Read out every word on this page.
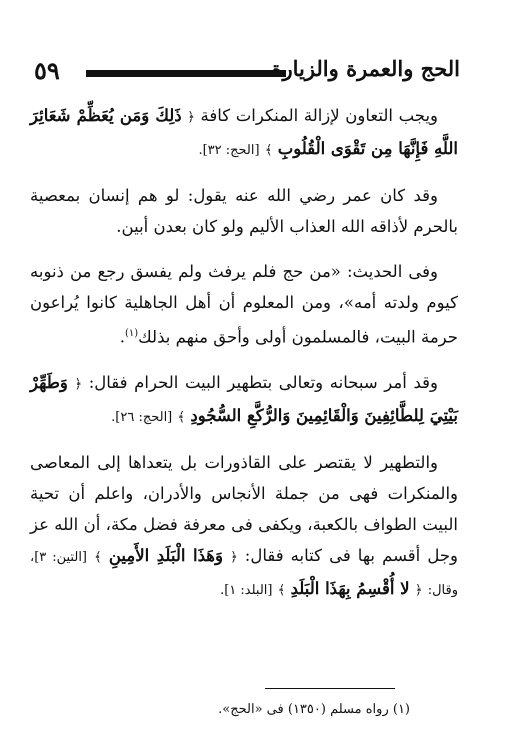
٥٩	الحج والعمرة والزيارة

ويجب التعاون لإزالة المنكرات كافة ﴿ ذَلِكَ وَمَن يُعَظِّمْ شَعَائِرَ اللَّهِ فَإِنَّهَا مِن تَقْوَى الْقُلُوبِ ﴾ [الحج: ٣٢].

وقد كان عمر رضي الله عنه يقول: لو هم إنسان بمعصية بالحرم لأذاقه الله العذاب الأليم ولو كان بعدن أبين.

وفى الحديث: «من حج فلم يرفث ولم يفسق رجع من ذنوبه كيوم ولدته أمه»، ومن المعلوم أن أهل الجاهلية كانوا يُراعون حرمة البيت، فالمسلمون أولى وأحق منهم بذلك$^{(١)}$.

وقد أمر سبحانه وتعالى بتطهير البيت الحرام فقال: ﴿ وَطَهِّرْ بَيْتِيَ لِلطَّائِفِينَ وَالْقَائِمِينَ وَالرُّكَّعِ السُّجُودِ ﴾ [الحج: ٢٦].

والتطهير لا يقتصر على القاذورات بل يتعداها إلى المعاصى والمنكرات فهى من جملة الأنجاس والأدران، واعلم أن تحية البيت الطواف بالكعبة، ويكفى فى معرفة فضل مكة، أن الله عز وجل أقسم بها فى كتابه فقال: ﴿ وَهَذَا الْبَلَدِ الأَمِينِ ﴾ [التين: ٣]، وقال: ﴿ لا أُقْسِمُ بِهَذَا الْبَلَدِ ﴾ [البلد: ١].

(١) رواه مسلم (١٣٥٠) فى «الحج».
